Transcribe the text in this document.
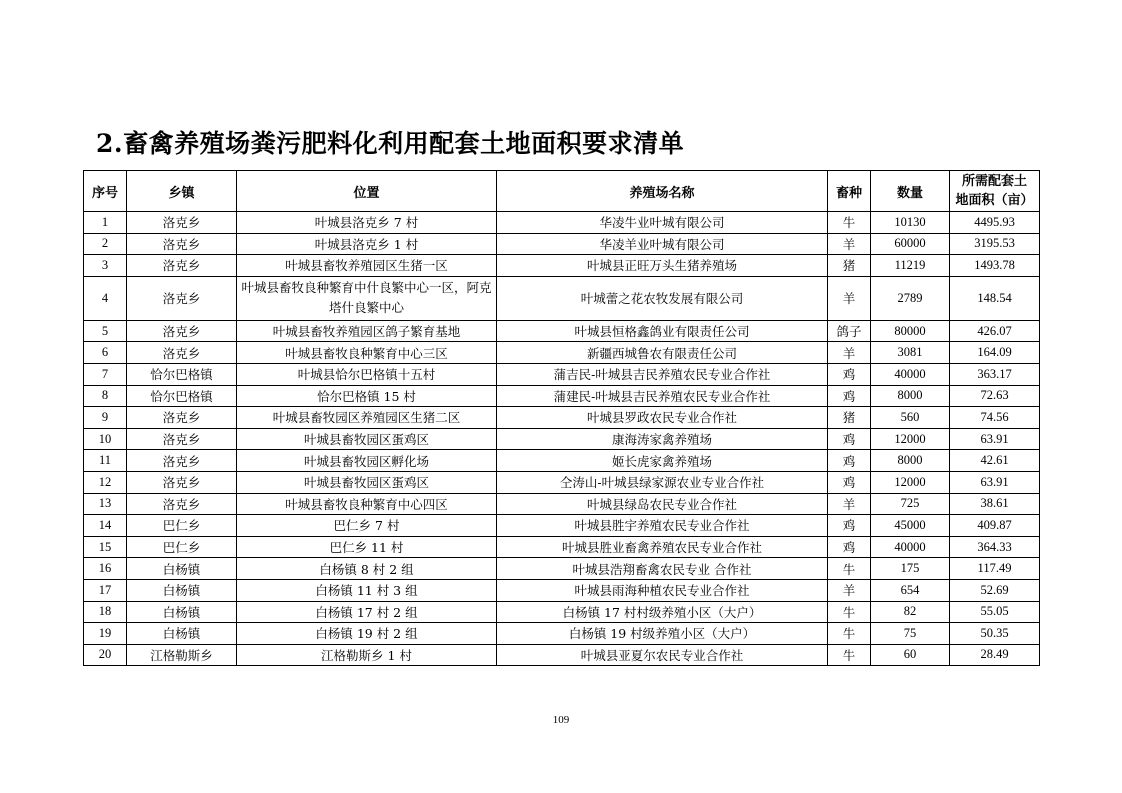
2.畜禽养殖场粪污肥料化利用配套土地面积要求清单
序号	乡镇	位置	养殖场名称	畜种	数量	所需配套土
地面积（亩）

1	洛克乡	叶城县洛克乡 7 村	华凌牛业叶城有限公司	牛	10130	4495.93
2	洛克乡	叶城县洛克乡 1 村	华凌羊业叶城有限公司	羊	60000	3195.53
3	洛克乡	叶城县畜牧养殖园区生猪一区	叶城县正旺万头生猪养殖场	猪	11219	1493.78
4	洛克乡	叶城县畜牧良种繁育中什良繁中心一区，阿克塔什良繁中心	叶城蕾之花农牧发展有限公司	羊	2789	148.54
5	洛克乡	叶城县畜牧养殖园区鸽子繁育基地	叶城县恒格鑫鸽业有限责任公司	鸽子	80000	426.07
6	洛克乡	叶城县畜牧良种繁育中心三区	新疆西城鲁农有限责任公司	羊	3081	164.09
7	恰尔巴格镇	叶城县恰尔巴格镇十五村	蒲吉民-叶城县吉民养殖农民专业合作社	鸡	40000	363.17
8	恰尔巴格镇	恰尔巴格镇 15 村	蒲建民-叶城县吉民养殖农民专业合作社	鸡	8000	72.63
9	洛克乡	叶城县畜牧园区养殖园区生猪二区	叶城县罗政农民专业合作社	猪	560	74.56
10	洛克乡	叶城县畜牧园区蛋鸡区	康海涛家禽养殖场	鸡	12000	63.91
11	洛克乡	叶城县畜牧园区孵化场	姬长虎家禽养殖场	鸡	8000	42.61
12	洛克乡	叶城县畜牧园区蛋鸡区	仝涛山-叶城县绿家源农业专业合作社	鸡	12000	63.91
13	洛克乡	叶城县畜牧良种繁育中心四区	叶城县绿岛农民专业合作社	羊	725	38.61
14	巴仁乡	巴仁乡 7 村	叶城县胜宇养殖农民专业合作社	鸡	45000	409.87
15	巴仁乡	巴仁乡 11 村	叶城县胜业畜禽养殖农民专业合作社	鸡	40000	364.33
16	白杨镇	白杨镇 8 村 2 组	叶城县浩翔畜禽农民专业 合作社	牛	175	117.49
17	白杨镇	白杨镇 11 村 3 组	叶城县雨海种植农民专业合作社	羊	654	52.69
18	白杨镇	白杨镇 17 村 2 组	白杨镇 17 村村级养殖小区（大户）	牛	82	55.05
19	白杨镇	白杨镇 19 村 2 组	白杨镇 19 村级养殖小区（大户）	牛	75	50.35
20	江格勒斯乡	江格勒斯乡 1 村	叶城县亚夏尔农民专业合作社	牛	60	28.49
109
